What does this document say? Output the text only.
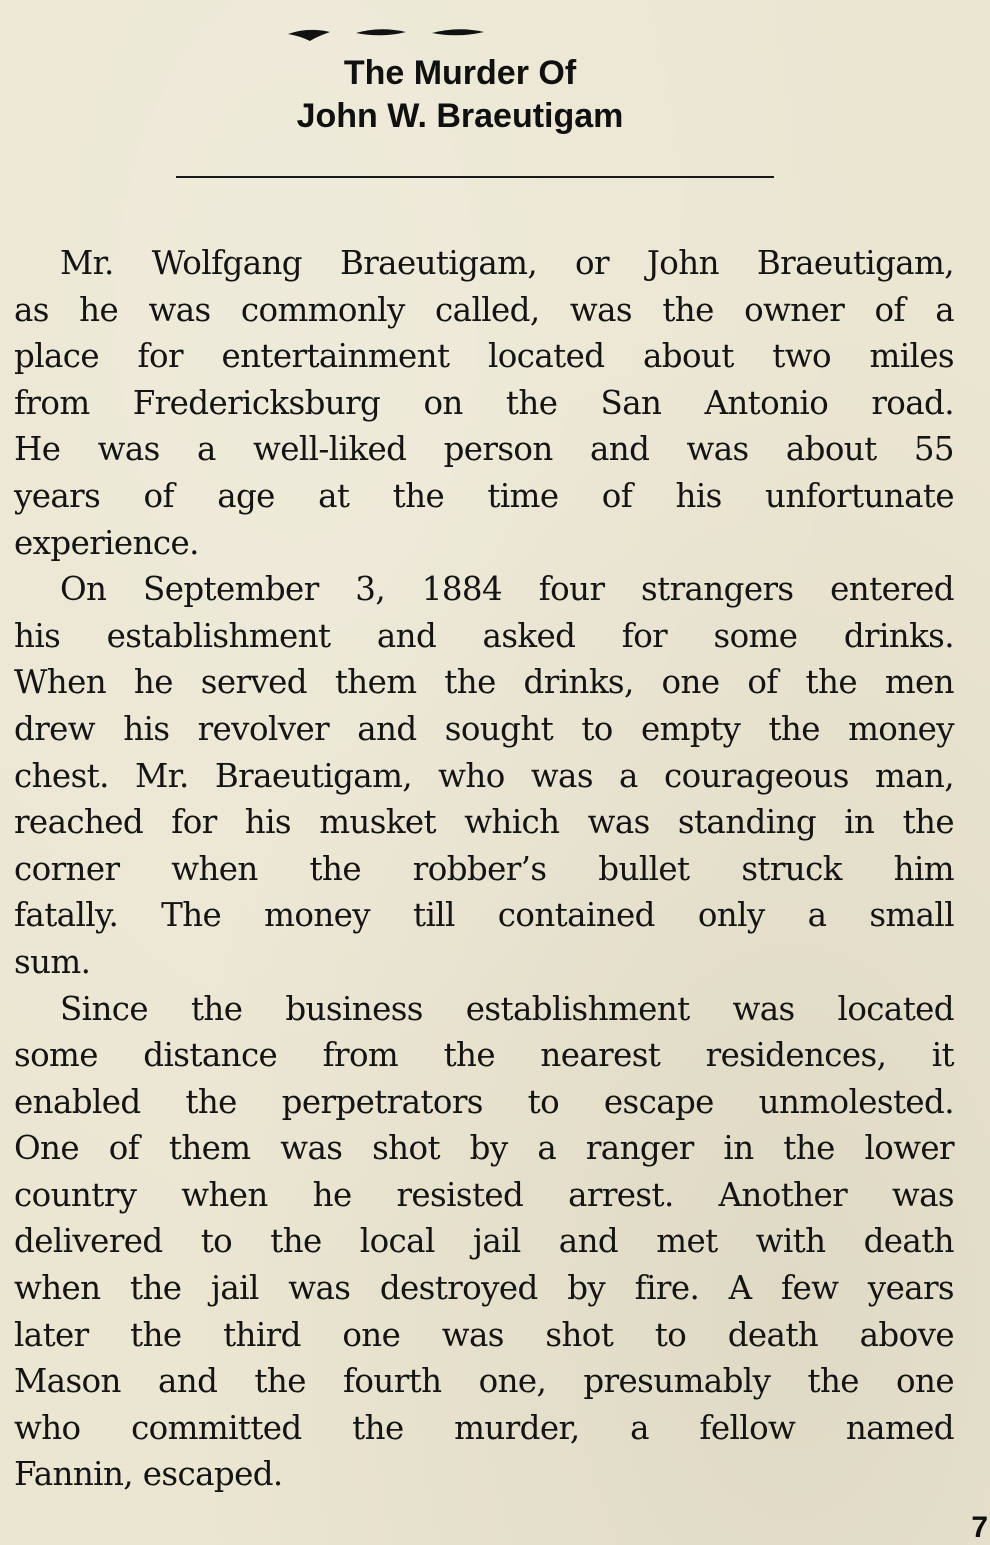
The Murder Of
John W. Braeutigam
Mr. Wolfgang Braeutigam, or John Braeutigam,
as he was commonly called, was the owner of a
place for entertainment located about two miles
from Fredericksburg on the San Antonio road.
He was a well-liked person and was about 55
years of age at the time of his unfortunate
experience.
On September 3, 1884 four strangers entered
his establishment and asked for some drinks.
When he served them the drinks, one of the men
drew his revolver and sought to empty the money
chest. Mr. Braeutigam, who was a courageous man,
reached for his musket which was standing in the
corner when the robber’s bullet struck him
fatally. The money till contained only a small
sum.
Since the business establishment was located
some distance from the nearest residences, it
enabled the perpetrators to escape unmolested.
One of them was shot by a ranger in the lower
country when he resisted arrest. Another was
delivered to the local jail and met with death
when the jail was destroyed by fire. A few years
later the third one was shot to death above
Mason and the fourth one, presumably the one
who committed the murder, a fellow named
Fannin, escaped.
7
